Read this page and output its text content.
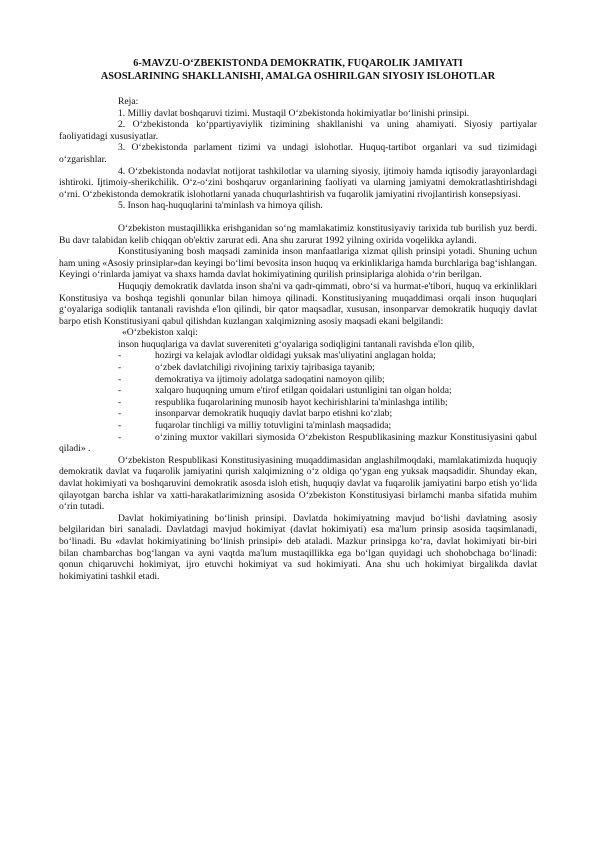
6-MAVZU-O‘ZBEKISTONDA DEMOKRATIK, FUQAROLIK JAMIYATI
ASOSLARINING SHAKLLANISHI, AMALGA OSHIRILGAN SIYOSIY ISLOHOTLAR

Reja:

1. Milliy davlat boshqaruvi tizimi. Mustaqil O‘zbekistonda hokimiyatlar bo‘linishi prinsipi.

2. O‘zbekistonda ko‘ppartiyaviylik tizimining shakllanishi va uning ahamiyati. Siyosiy partiyalar faoliyatidagi xususiyatlar.

3. O‘zbekistonda parlament tizimi va undagi islohotlar. Huquq-tartibot organlari va sud tizimidagi o‘zgarishlar.

4. O‘zbekistonda nodavlat notijorat tashkilotlar va ularning siyosiy, ijtimoiy hamda iqtisodiy jarayonlardagi ishtiroki. Ijtimoiy-sherikchilik. O‘z-o‘zini boshqaruv organlarining faoliyati va ularning jamiyatni demokratlashtirishdagi o‘rni. O‘zbekistonda demokratik islohotlarni yanada chuqurlashtirish va fuqarolik jamiyatini rivojlantirish konsepsiyasi.

5. Inson haq-huquqlarini ta'minlash va himoya qilish.

O‘zbekiston mustaqillikka erishganidan so‘ng mamlakatimiz konstitusiyaviy tarixida tub burilish yuz berdi. Bu davr talabidan kelib chiqqan ob'ektiv zarurat edi. Ana shu zarurat 1992 yilning oxirida voqelikka aylandi.

Konstitusiyaning bosh maqsadi zaminida inson manfaatlariga xizmat qilish prinsipi yotadi. Shuning uchun ham uning «Asosiy prinsiplar»dan keyingi bo‘limi bevosita inson huquq va erkinliklariga hamda burchlariga bag‘ishlangan. Keyingi o‘rinlarda jamiyat va shaxs hamda davlat hokimiyatining qurilish prinsiplariga alohida o‘rin berilgan.

Huquqiy demokratik davlatda inson sha'ni va qadr-qimmati, obro‘si va hurmat-e'tibori, huquq va erkinliklari Konstitusiya va boshqa tegishli qonunlar bilan himoya qilinadi. Konstitusiyaning muqaddimasi orqali inson huquqlari g‘oyalariga sodiqlik tantanali ravishda e'lon qilindi, bir qator maqsadlar, xususan, insonparvar demokratik huquqiy davlat barpo etish Konstitusiyani qabul qilishdan kuzlangan xalqimizning asosiy maqsadi ekani belgilandi:

«O‘zbekiston xalqi:

inson huquqlariga va davlat suvereniteti g‘oyalariga sodiqligini tantanali ravishda e'lon qilib,

-	hozirgi va kelajak avlodlar oldidagi yuksak mas'uliyatini anglagan holda;

-	o‘zbek davlatchiligi rivojining tarixiy tajribasiga tayanib;

-	demokratiya va ijtimoiy adolatga sadoqatini namoyon qilib;

-	xalqaro huquqning umum e'tirof etilgan qoidalari ustunligini tan olgan holda;

-	respublika fuqarolarining munosib hayot kechirishlarini ta'minlashga intilib;

-	insonparvar demokratik huquqiy davlat barpo etishni ko‘zlab;

-	fuqarolar tinchligi va milliy totuvligini ta'minlash maqsadida;

-	o‘zining muxtor vakillari siymosida O‘zbekiston Respublikasining mazkur Konstitusiyasini qabul qiladi» .

O‘zbekiston Respublikasi Konstitusiyasining muqaddimasidan anglashilmoqdaki, mamlakatimizda huquqiy demokratik davlat va fuqarolik jamiyatini qurish xalqimizning o‘z oldiga qo‘ygan eng yuksak maqsadidir. Shunday ekan, davlat hokimiyati va boshqaruvini demokratik asosda isloh etish, huquqiy davlat va fuqarolik jamiyatini barpo etish yo‘lida qilayotgan barcha ishlar va xatti-harakatlarimizning asosida O‘zbekiston Konstitusiyasi birlamchi manba sifatida muhim o‘rin tutadi.

Davlat hokimiyatining bo‘linish prinsipi. Davlatda hokimiyatning mavjud bo‘lishi davlatning asosiy belgilaridan biri sanaladi. Davlatdagi mavjud hokimiyat (davlat hokimiyati) esa ma'lum prinsip asosida taqsimlanadi, bo‘linadi. Bu «davlat hokimiyatining bo‘linish prinsipi» deb ataladi. Mazkur prinsipga ko‘ra, davlat hokimiyati bir-biri bilan chambarchas bog‘langan va ayni vaqtda ma'lum mustaqillikka ega bo‘lgan quyidagi uch shohobchaga bo‘linadi: qonun chiqaruvchi hokimiyat, ijro etuvchi hokimiyat va sud hokimiyati. Ana shu uch hokimiyat birgalikda davlat hokimiyatini tashkil etadi.
